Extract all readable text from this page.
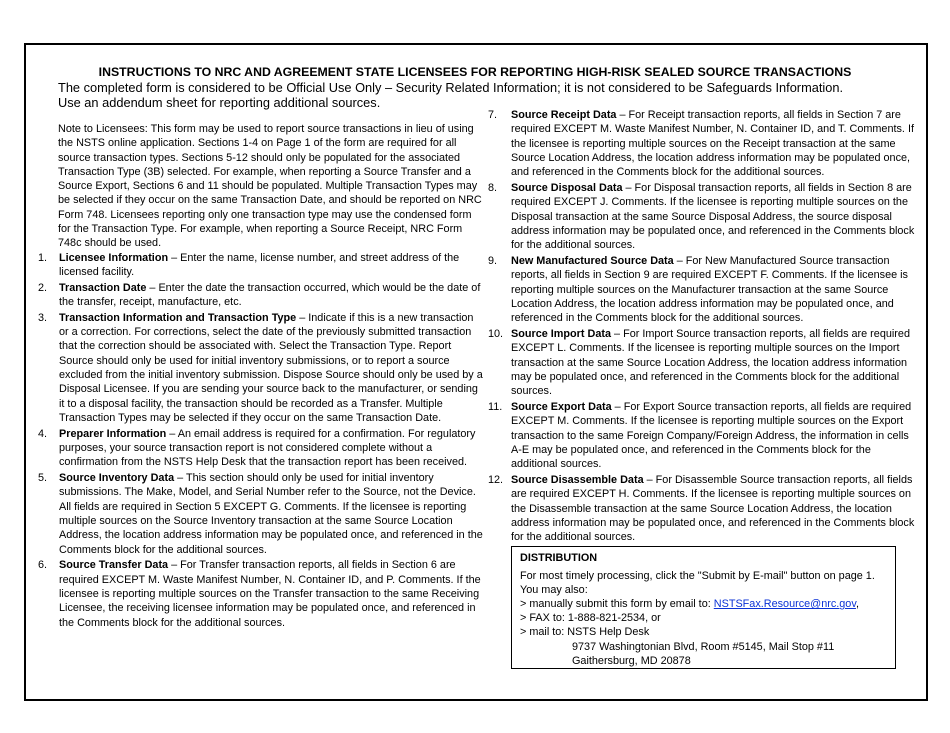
INSTRUCTIONS TO NRC AND AGREEMENT STATE LICENSEES FOR REPORTING HIGH-RISK SEALED SOURCE TRANSACTIONS
The completed form is considered to be Official Use Only – Security Related Information; it is not considered to be Safeguards Information.
Use an addendum sheet for reporting additional sources.
Note to Licensees: This form may be used to report source transactions in lieu of using the NSTS online application. Sections 1-4 on Page 1 of the form are required for all source transaction types. Sections 5-12 should only be populated for the associated Transaction Type (3B) selected. For example, when reporting a Source Transfer and a Source Export, Sections 6 and 11 should be populated. Multiple Transaction Types may be selected if they occur on the same Transaction Date, and should be reported on NRC Form 748. Licensees reporting only one transaction type may use the condensed form for the Transaction Type. For example, when reporting a Source Receipt, NRC Form 748c should be used.
1.	Licensee Information – Enter the name, license number, and street address of the licensed facility.
2.	Transaction Date – Enter the date the transaction occurred, which would be the date of the transfer, receipt, manufacture, etc.
3.	Transaction Information and Transaction Type – Indicate if this is a new transaction or a correction. For corrections, select the date of the previously submitted transaction that the correction should be associated with. Select the Transaction Type. Report Source should only be used for initial inventory submissions, or to report a source excluded from the initial inventory submission. Dispose Source should only be used by a Disposal Licensee. If you are sending your source back to the manufacturer, or sending it to a disposal facility, the transaction should be recorded as a Transfer. Multiple Transaction Types may be selected if they occur on the same Transaction Date.
4.	Preparer Information – An email address is required for a confirmation. For regulatory purposes, your source transaction report is not considered complete without a confirmation from the NSTS Help Desk that the transaction report has been received.
5.	Source Inventory Data – This section should only be used for initial inventory submissions. The Make, Model, and Serial Number refer to the Source, not the Device. All fields are required in Section 5 EXCEPT G. Comments. If the licensee is reporting multiple sources on the Source Inventory transaction at the same Source Location Address, the location address information may be populated once, and referenced in the Comments block for the additional sources.
6.	Source Transfer Data – For Transfer transaction reports, all fields in Section 6 are required EXCEPT M. Waste Manifest Number, N. Container ID, and P. Comments. If the licensee is reporting multiple sources on the Transfer transaction to the same Receiving Licensee, the receiving licensee information may be populated once, and referenced in the Comments block for the additional sources.
7.	Source Receipt Data – For Receipt transaction reports, all fields in Section 7 are required EXCEPT M. Waste Manifest Number, N. Container ID, and T. Comments. If the licensee is reporting multiple sources on the Receipt transaction at the same Source Location Address, the location address information may be populated once, and referenced in the Comments block for the additional sources.
8.	Source Disposal Data – For Disposal transaction reports, all fields in Section 8 are required EXCEPT J. Comments. If the licensee is reporting multiple sources on the Disposal transaction at the same Source Disposal Address, the source disposal address information may be populated once, and referenced in the Comments block for the additional sources.
9.	New Manufactured Source Data – For New Manufactured Source transaction reports, all fields in Section 9 are required EXCEPT F. Comments. If the licensee is reporting multiple sources on the Manufacturer transaction at the same Source Location Address, the location address information may be populated once, and referenced in the Comments block for the additional sources.
10. Source Import Data – For Import Source transaction reports, all fields are required EXCEPT L. Comments. If the licensee is reporting multiple sources on the Import transaction at the same Source Location Address, the location address information may be populated once, and referenced in the Comments block for the additional sources.
11. Source Export Data – For Export Source transaction reports, all fields are required EXCEPT M. Comments. If the licensee is reporting multiple sources on the Export transaction to the same Foreign Company/Foreign Address, the information in cells A-E may be populated once, and referenced in the Comments block for the additional sources.
12. Source Disassemble Data – For Disassemble Source transaction reports, all fields are required EXCEPT H. Comments. If the licensee is reporting multiple sources on the Disassemble transaction at the same Source Location Address, the location address information may be populated once, and referenced in the Comments block for the additional sources.
DISTRIBUTION
For most timely processing, click the "Submit by E-mail" button on page 1.
You may also:
> manually submit this form by email to: NSTSFax.Resource@nrc.gov,
> FAX to: 1-888-821-2534, or
> mail to: NSTS Help Desk
9737 Washingtonian Blvd, Room #5145, Mail Stop #11
Gaithersburg, MD 20878
